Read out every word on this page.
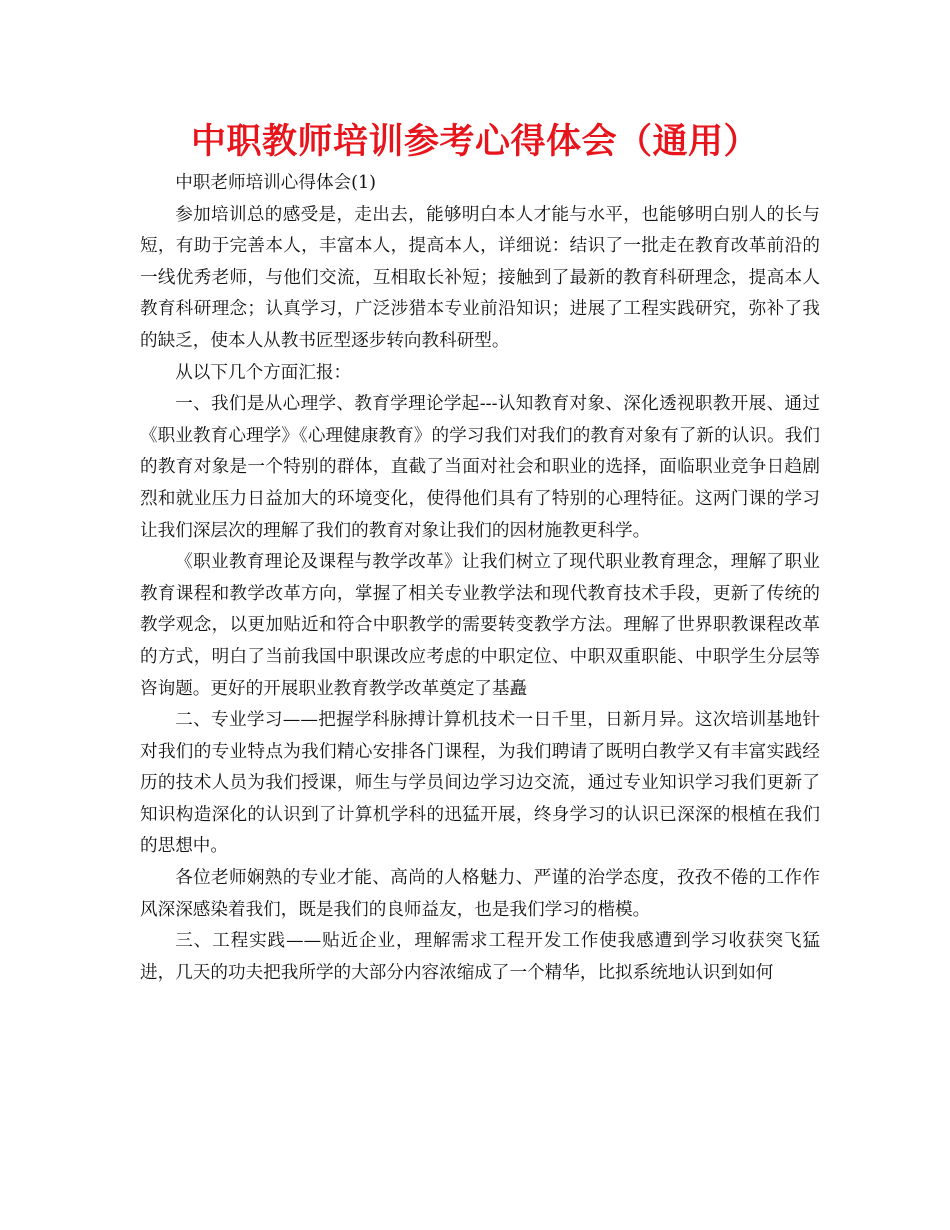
中职教师培训参考心得体会（通用）

中职老师培训心得体会(1)

参加培训总的感受是，走出去，能够明白本人才能与水平，也能够明白别人的长与短，有助于完善本人，丰富本人，提高本人，详细说：结识了一批走在教育改革前沿的一线优秀老师，与他们交流，互相取长补短；接触到了最新的教育科研理念，提高本人教育科研理念；认真学习，广泛涉猎本专业前沿知识；进展了工程实践研究，弥补了我的缺乏，使本人从教书匠型逐步转向教科研型。

从以下几个方面汇报：

一、我们是从心理学、教育学理论学起---认知教育对象、深化透视职教开展、通过《职业教育心理学》《心理健康教育》的学习我们对我们的教育对象有了新的认识。我们的教育对象是一个特别的群体，直截了当面对社会和职业的选择，面临职业竞争日趋剧烈和就业压力日益加大的环境变化，使得他们具有了特别的心理特征。这两门课的学习让我们深层次的理解了我们的教育对象让我们的因材施教更科学。

《职业教育理论及课程与教学改革》让我们树立了现代职业教育理念，理解了职业教育课程和教学改革方向，掌握了相关专业教学法和现代教育技术手段，更新了传统的教学观念，以更加贴近和符合中职教学的需要转变教学方法。理解了世界职教课程改革的方式，明白了当前我国中职课改应考虑的中职定位、中职双重职能、中职学生分层等咨询题。更好的开展职业教育教学改革奠定了基矗

二、专业学习——把握学科脉搏计算机技术一日千里，日新月异。这次培训基地针对我们的专业特点为我们精心安排各门课程，为我们聘请了既明白教学又有丰富实践经历的技术人员为我们授课，师生与学员间边学习边交流，通过专业知识学习我们更新了知识构造深化的认识到了计算机学科的迅猛开展，终身学习的认识已深深的根植在我们的思想中。

各位老师娴熟的专业才能、高尚的人格魅力、严谨的治学态度，孜孜不倦的工作作风深深感染着我们，既是我们的良师益友，也是我们学习的楷模。

三、工程实践——贴近企业，理解需求工程开发工作使我感遭到学习收获突飞猛进，几天的功夫把我所学的大部分内容浓缩成了一个精华，比拟系统地认识到如何
